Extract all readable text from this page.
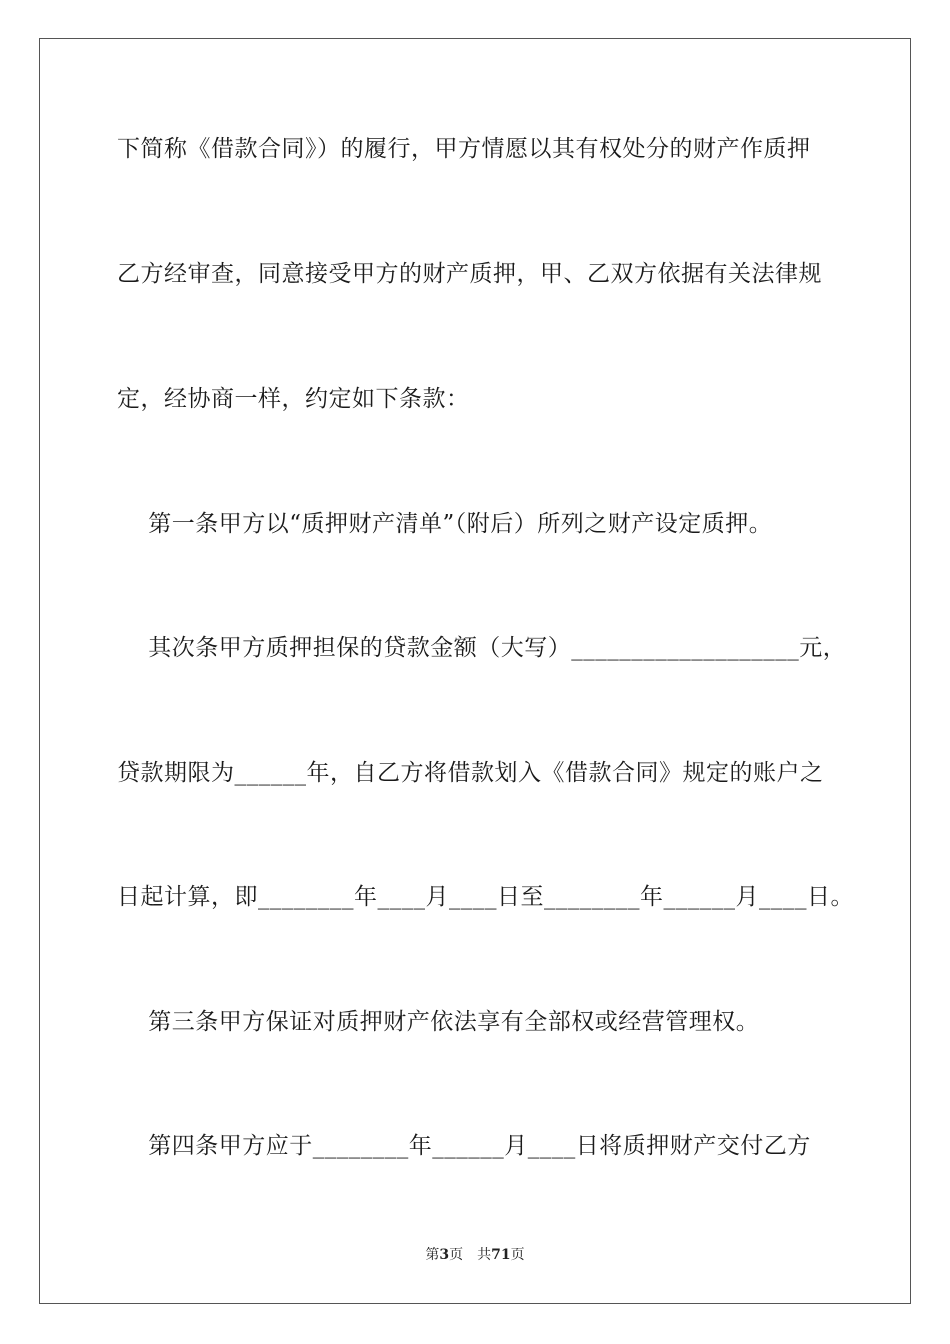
下简称《借款合同》）的履行，甲方情愿以其有权处分的财产作质押
乙方经审查，同意接受甲方的财产质押，甲、乙双方依据有关法律规
定，经协商一样，约定如下条款：
第一条甲方以“质押财产清单”（附后）所列之财产设定质押。
其次条甲方质押担保的贷款金额（大写）___________________元，
贷款期限为______年，自乙方将借款划入《借款合同》规定的账户之
日起计算，即________年____月____日至________年______月____日。
第三条甲方保证对质押财产依法享有全部权或经营管理权。
第四条甲方应于________年______月____日将质押财产交付乙方
第3页 共71页
